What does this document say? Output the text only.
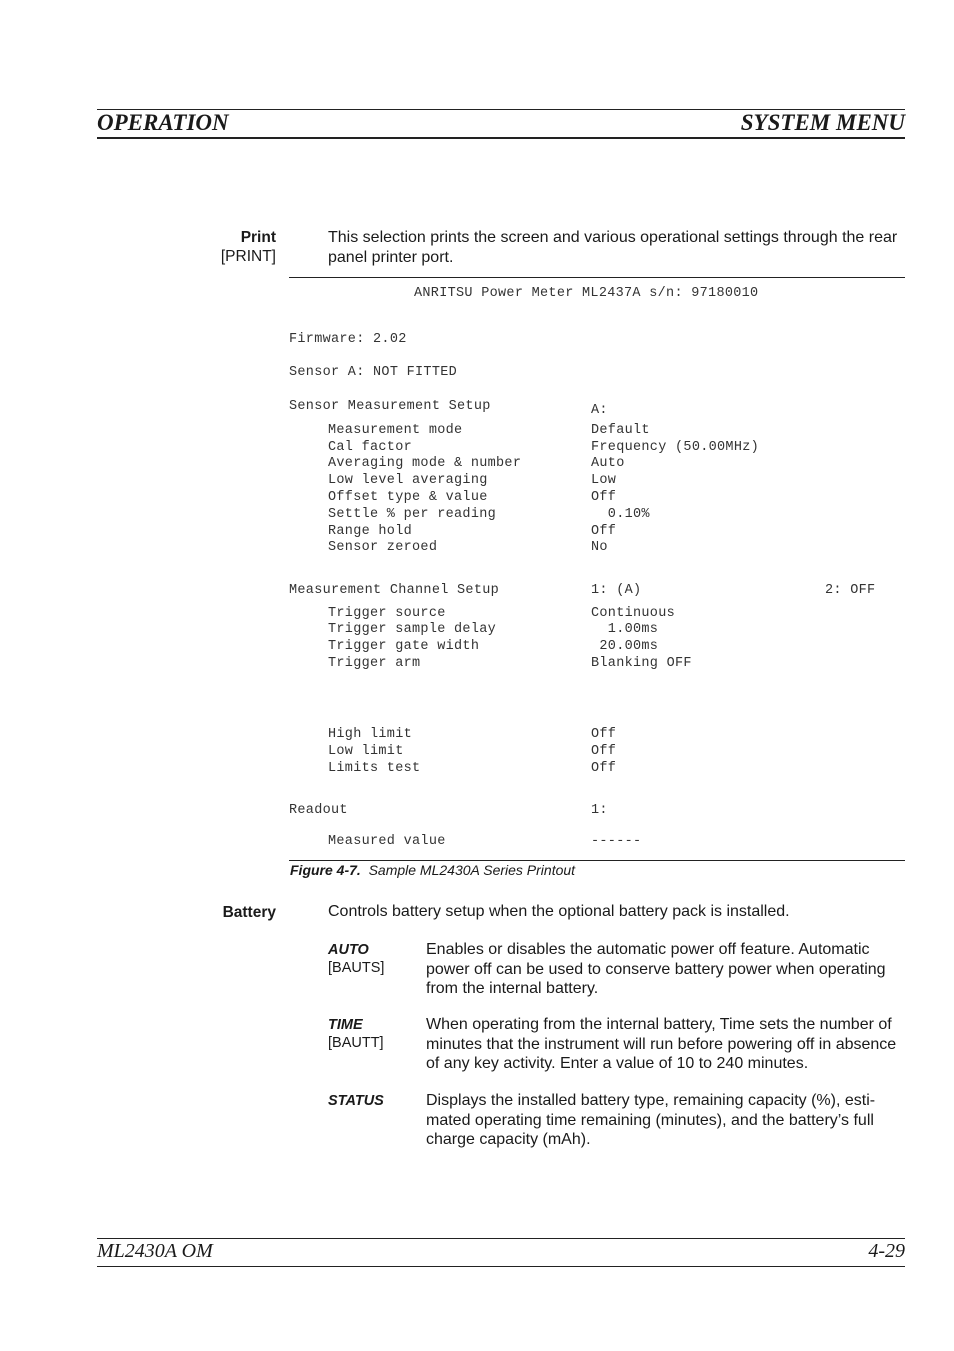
OPERATION	SYSTEM MENU
Print
[PRINT]
This selection prints the screen and various operational settings through the rear panel printer port.
ANRITSU Power Meter ML2437A s/n: 97180010
Firmware: 2.02
Sensor A: NOT FITTED
Sensor Measurement Setup	A:
Measurement mode	Default
Cal factor	Frequency (50.00MHz)
Averaging mode & number	Auto
Low level averaging	Low
Offset type & value	Off
Settle % per reading	0.10%
Range hold	Off
Sensor zeroed	No
Measurement Channel Setup	1: (A)	2: OFF
Trigger source	Continuous
Trigger sample delay	1.00ms
Trigger gate width	20.00ms
Trigger arm	Blanking OFF
High limit	Off
Low limit	Off
Limits test	Off
Readout	1:
Measured value	------
Figure 4-7. Sample ML2430A Series Printout
Battery	Controls battery setup when the optional battery pack is installed.
AUTO
[BAUTS]
Enables or disables the automatic power off feature. Automatic power off can be used to conserve battery power when operating from the internal battery.
TIME
[BAUTT]
When operating from the internal battery, Time sets the number of minutes that the instrument will run before powering off in absence of any key activity. Enter a value of 10 to 240 minutes.
STATUS	Displays the installed battery type, remaining capacity (%), esti-mated operating time remaining (minutes), and the battery’s full charge capacity (mAh).
ML2430A OM	4-29
